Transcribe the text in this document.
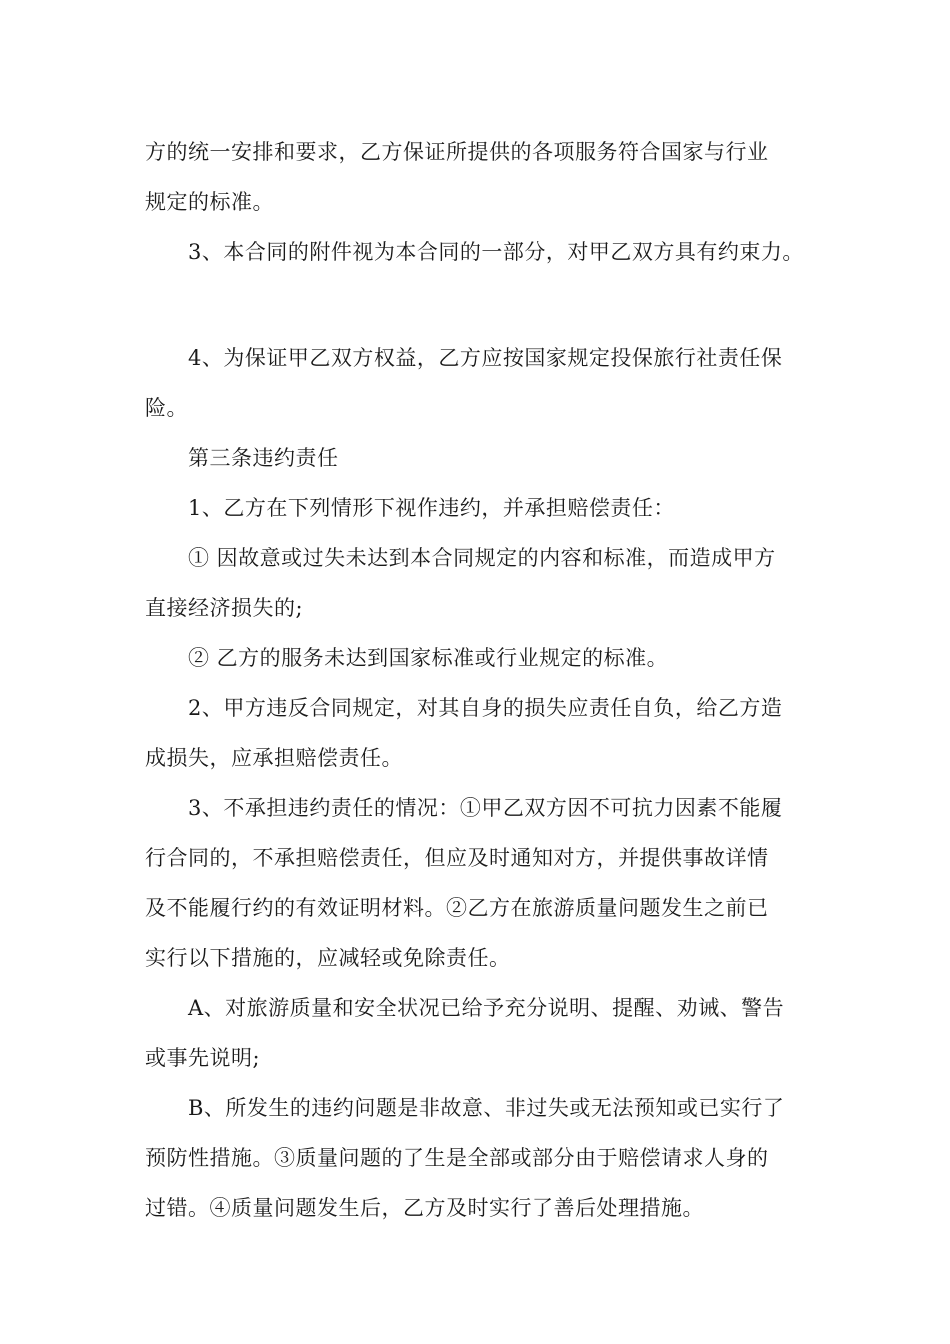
方的统一安排和要求，乙方保证所提供的各项服务符合国家与行业
规定的标准。
3、本合同的附件视为本合同的一部分，对甲乙双方具有约束力。
4、为保证甲乙双方权益，乙方应按国家规定投保旅行社责任保
险。
第三条违约责任
1、乙方在下列情形下视作违约，并承担赔偿责任：
① 因故意或过失未达到本合同规定的内容和标准，而造成甲方
直接经济损失的;
② 乙方的服务未达到国家标准或行业规定的标准。
2、甲方违反合同规定，对其自身的损失应责任自负，给乙方造
成损失，应承担赔偿责任。
3、不承担违约责任的情况：①甲乙双方因不可抗力因素不能履
行合同的，不承担赔偿责任，但应及时通知对方，并提供事故详情
及不能履行约的有效证明材料。②乙方在旅游质量问题发生之前已
实行以下措施的，应减轻或免除责任。
A、对旅游质量和安全状况已给予充分说明、提醒、劝诫、警告
或事先说明;
B、所发生的违约问题是非故意、非过失或无法预知或已实行了
预防性措施。③质量问题的了生是全部或部分由于赔偿请求人身的
过错。④质量问题发生后，乙方及时实行了善后处理措施。
